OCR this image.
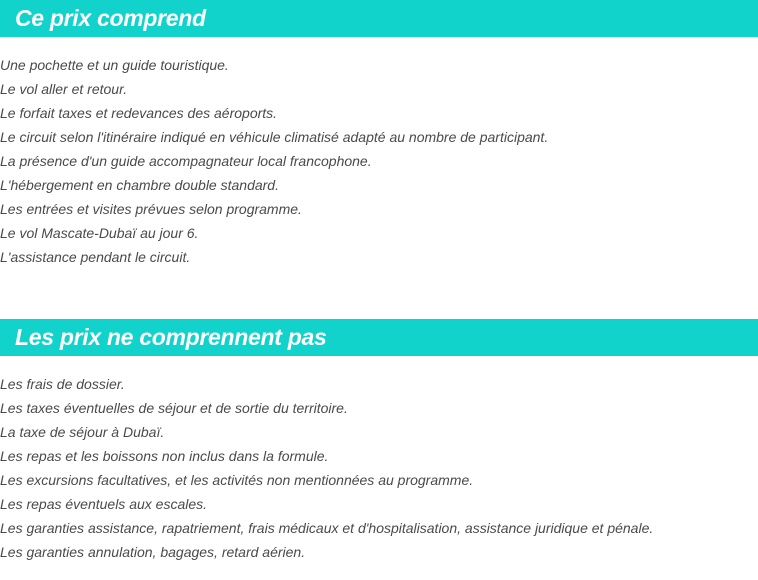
Ce prix comprend
Une pochette et un guide touristique.
Le vol aller et retour.
Le forfait taxes et redevances des aéroports.
Le circuit selon l'itinéraire indiqué en véhicule climatisé adapté au nombre de participant.
La présence d'un guide accompagnateur local francophone.
L'hébergement en chambre double standard.
Les entrées et visites prévues selon programme.
Le vol Mascate-Dubaï au jour 6.
L'assistance pendant le circuit.
Les prix ne comprennent pas
Les frais de dossier.
Les taxes éventuelles de séjour et de sortie du territoire.
La taxe de séjour à Dubaï.
Les repas et les boissons non inclus dans la formule.
Les excursions facultatives, et les activités non mentionnées au programme.
Les repas éventuels aux escales.
Les garanties assistance, rapatriement, frais médicaux et d'hospitalisation, assistance juridique et pénale.
Les garanties annulation, bagages, retard aérien.
